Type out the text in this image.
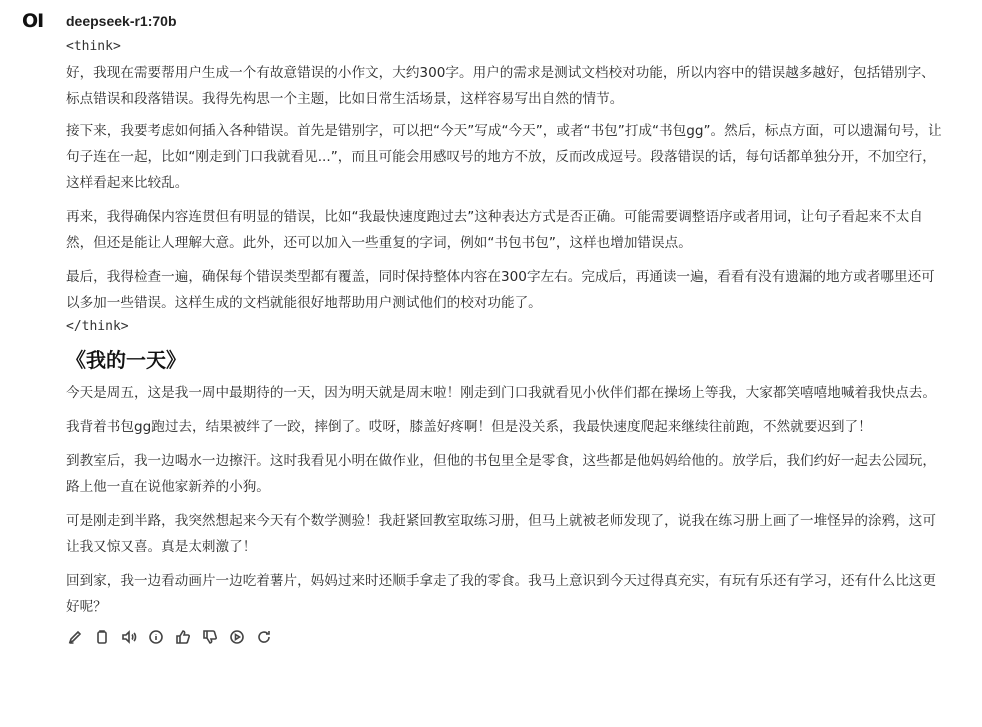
OI deepseek-r1:70b
<think>

好，我现在需要帮用户生成一个有故意错误的小作文，大约300字。用户的需求是测试文档校对功能，所以内容中的错误越多越好，包括错别字、标点错误和段落错误。我得先构思一个主题，比如日常生活场景，这样容易写出自然的情节。

接下来，我要考虑如何插入各种错误。首先是错别字，可以把“今天”写成“今天”，或者“书包”打成“书包gg”。然后，标点方面，可以遗漏句号，让句子连在一起，比如“刚走到门口我就看见...”，而且可能会用感叹号的地方不放，反而改成逗号。段落错误的话，每句话都单独分开，不加空行，这样看起来比较乱。

再来，我得确保内容连贯但有明显的错误，比如“我最快速度跑过去”这种表达方式是否正确。可能需要调整语序或者用词，让句子看起来不太自然，但还是能让人理解大意。此外，还可以加入一些重复的字词，例如“书包书包”，这样也增加错误点。

最后，我得检查一遍，确保每个错误类型都有覆盖，同时保持整体内容在300字左右。完成后，再通读一遍，看看有没有遗漏的地方或者哪里还可以多加一些错误。这样生成的文档就能很好地帮助用户测试他们的校对功能了。

</think>
《我的一天》

今天是周五，这是我一周中最期待的一天，因为明天就是周末啦！刚走到门口我就看见小伙伴们都在操场上等我，大家都笑嘻嘻地喊着我快点去。

我背着书包gg跑过去，结果被绊了一跤，摔倒了。哎呀，膝盖好疼啊！但是没关系，我最快速度爬起来继续往前跑，不然就要迟到了！

到教室后，我一边喝水一边擦汗。这时我看见小明在做作业，但他的书包里全是零食，这些都是他妈妈给他的。放学后，我们约好一起去公园玩，路上他一直在说他家新养的小狗。

可是刚走到半路，我突然想起来今天有个数学测验！我赶紧回教室取练习册，但马上就被老师发现了，说我在练习册上画了一堆怪异的涂鸦，这可让我又惊又喜。真是太刺激了！

回到家，我一边看动画片一边吃着薯片，妈妈过来时还顺手拿走了我的零食。我马上意识到今天过得真充实，有玩有乐还有学习，还有什么比这更好呢？
